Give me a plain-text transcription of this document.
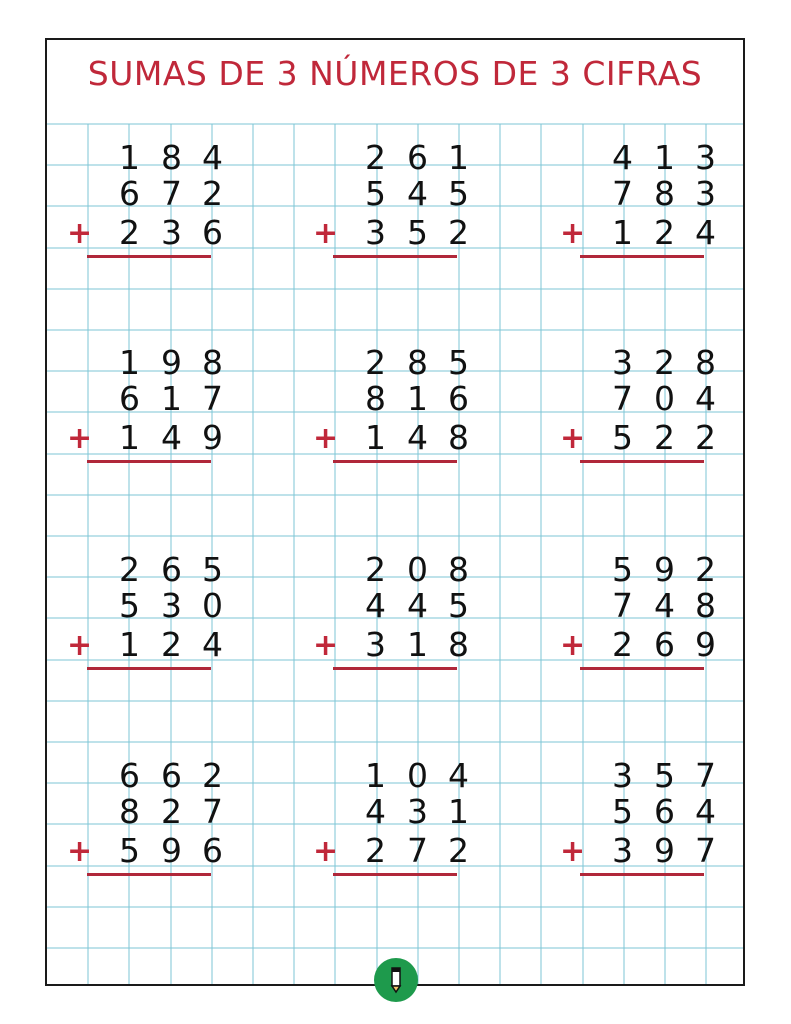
SUMAS DE 3 NÚMEROS DE 3 CIFRAS
1 8 4
6 7 2
2 3 6
+
2 6 1
5 4 5
3 5 2
+
4 1 3
7 8 3
1 2 4
+
1 9 8
6 1 7
1 4 9
+
2 8 5
8 1 6
1 4 8
+
3 2 8
7 0 4
5 2 2
+
2 6 5
5 3 0
1 2 4
+
2 0 8
4 4 5
3 1 8
+
5 9 2
7 4 8
2 6 9
+
6 6 2
8 2 7
5 9 6
+
1 0 4
4 3 1
2 7 2
+
3 5 7
5 6 4
3 9 7
+
